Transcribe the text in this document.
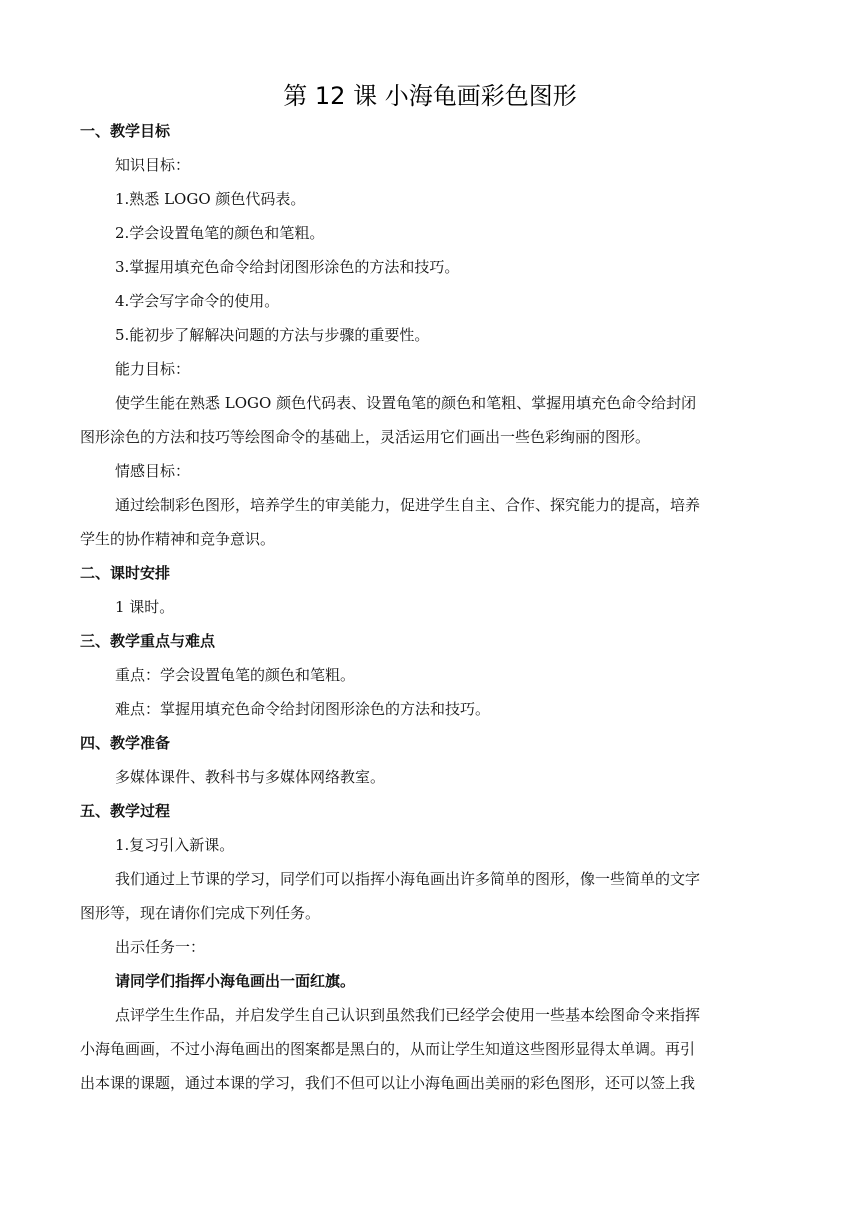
第 12 课 小海龟画彩色图形
一、教学目标
知识目标：
1.熟悉 LOGO 颜色代码表。
2.学会设置龟笔的颜色和笔粗。
3.掌握用填充色命令给封闭图形涂色的方法和技巧。
4.学会写字命令的使用。
5.能初步了解解决问题的方法与步骤的重要性。
能力目标：
使学生能在熟悉 LOGO 颜色代码表、设置龟笔的颜色和笔粗、掌握用填充色命令给封闭
图形涂色的方法和技巧等绘图命令的基础上，灵活运用它们画出一些色彩绚丽的图形。
情感目标：
通过绘制彩色图形，培养学生的审美能力，促进学生自主、合作、探究能力的提高，培养
学生的协作精神和竞争意识。
二、课时安排
1 课时。
三、教学重点与难点
重点：学会设置龟笔的颜色和笔粗。
难点：掌握用填充色命令给封闭图形涂色的方法和技巧。
四、教学准备
多媒体课件、教科书与多媒体网络教室。
五、教学过程
1.复习引入新课。
我们通过上节课的学习，同学们可以指挥小海龟画出许多简单的图形，像一些简单的文字
图形等，现在请你们完成下列任务。
出示任务一：
请同学们指挥小海龟画出一面红旗。
点评学生生作品，并启发学生自己认识到虽然我们已经学会使用一些基本绘图命令来指挥
小海龟画画，不过小海龟画出的图案都是黑白的，从而让学生知道这些图形显得太单调。再引
出本课的课题，通过本课的学习，我们不但可以让小海龟画出美丽的彩色图形，还可以签上我
